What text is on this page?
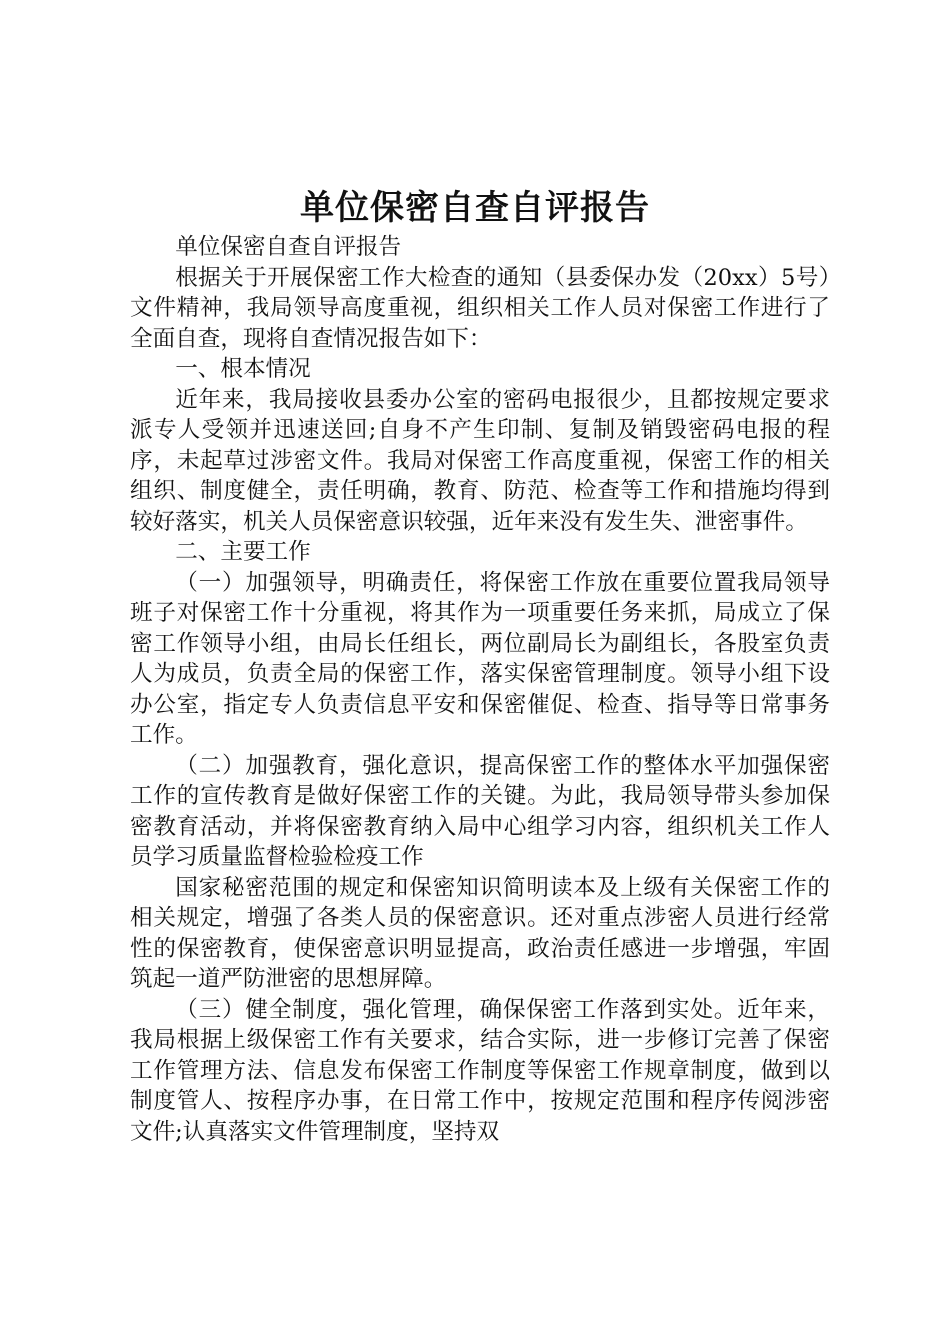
单位保密自查自评报告

单位保密自查自评报告

根据关于开展保密工作大检查的通知（县委保办发（20xx）5号）文件精神，我局领导高度重视，组织相关工作人员对保密工作进行了全面自查，现将自查情况报告如下：

一、根本情况

近年来，我局接收县委办公室的密码电报很少，且都按规定要求派专人受领并迅速送回;自身不产生印制、复制及销毁密码电报的程序，未起草过涉密文件。我局对保密工作高度重视，保密工作的相关组织、制度健全，责任明确，教育、防范、检查等工作和措施均得到较好落实，机关人员保密意识较强，近年来没有发生失、泄密事件。

二、主要工作

（一）加强领导，明确责任，将保密工作放在重要位置我局领导班子对保密工作十分重视，将其作为一项重要任务来抓，局成立了保密工作领导小组，由局长任组长，两位副局长为副组长，各股室负责人为成员，负责全局的保密工作，落实保密管理制度。领导小组下设办公室，指定专人负责信息平安和保密催促、检查、指导等日常事务工作。

（二）加强教育，强化意识，提高保密工作的整体水平加强保密工作的宣传教育是做好保密工作的关键。为此，我局领导带头参加保密教育活动，并将保密教育纳入局中心组学习内容，组织机关工作人员学习质量监督检验检疫工作

国家秘密范围的规定和保密知识简明读本及上级有关保密工作的相关规定，增强了各类人员的保密意识。还对重点涉密人员进行经常性的保密教育，使保密意识明显提高，政治责任感进一步增强，牢固筑起一道严防泄密的思想屏障。

（三）健全制度，强化管理，确保保密工作落到实处。近年来，我局根据上级保密工作有关要求，结合实际，进一步修订完善了保密工作管理方法、信息发布保密工作制度等保密工作规章制度，做到以制度管人、按程序办事，在日常工作中，按规定范围和程序传阅涉密文件;认真落实文件管理制度，坚持双
